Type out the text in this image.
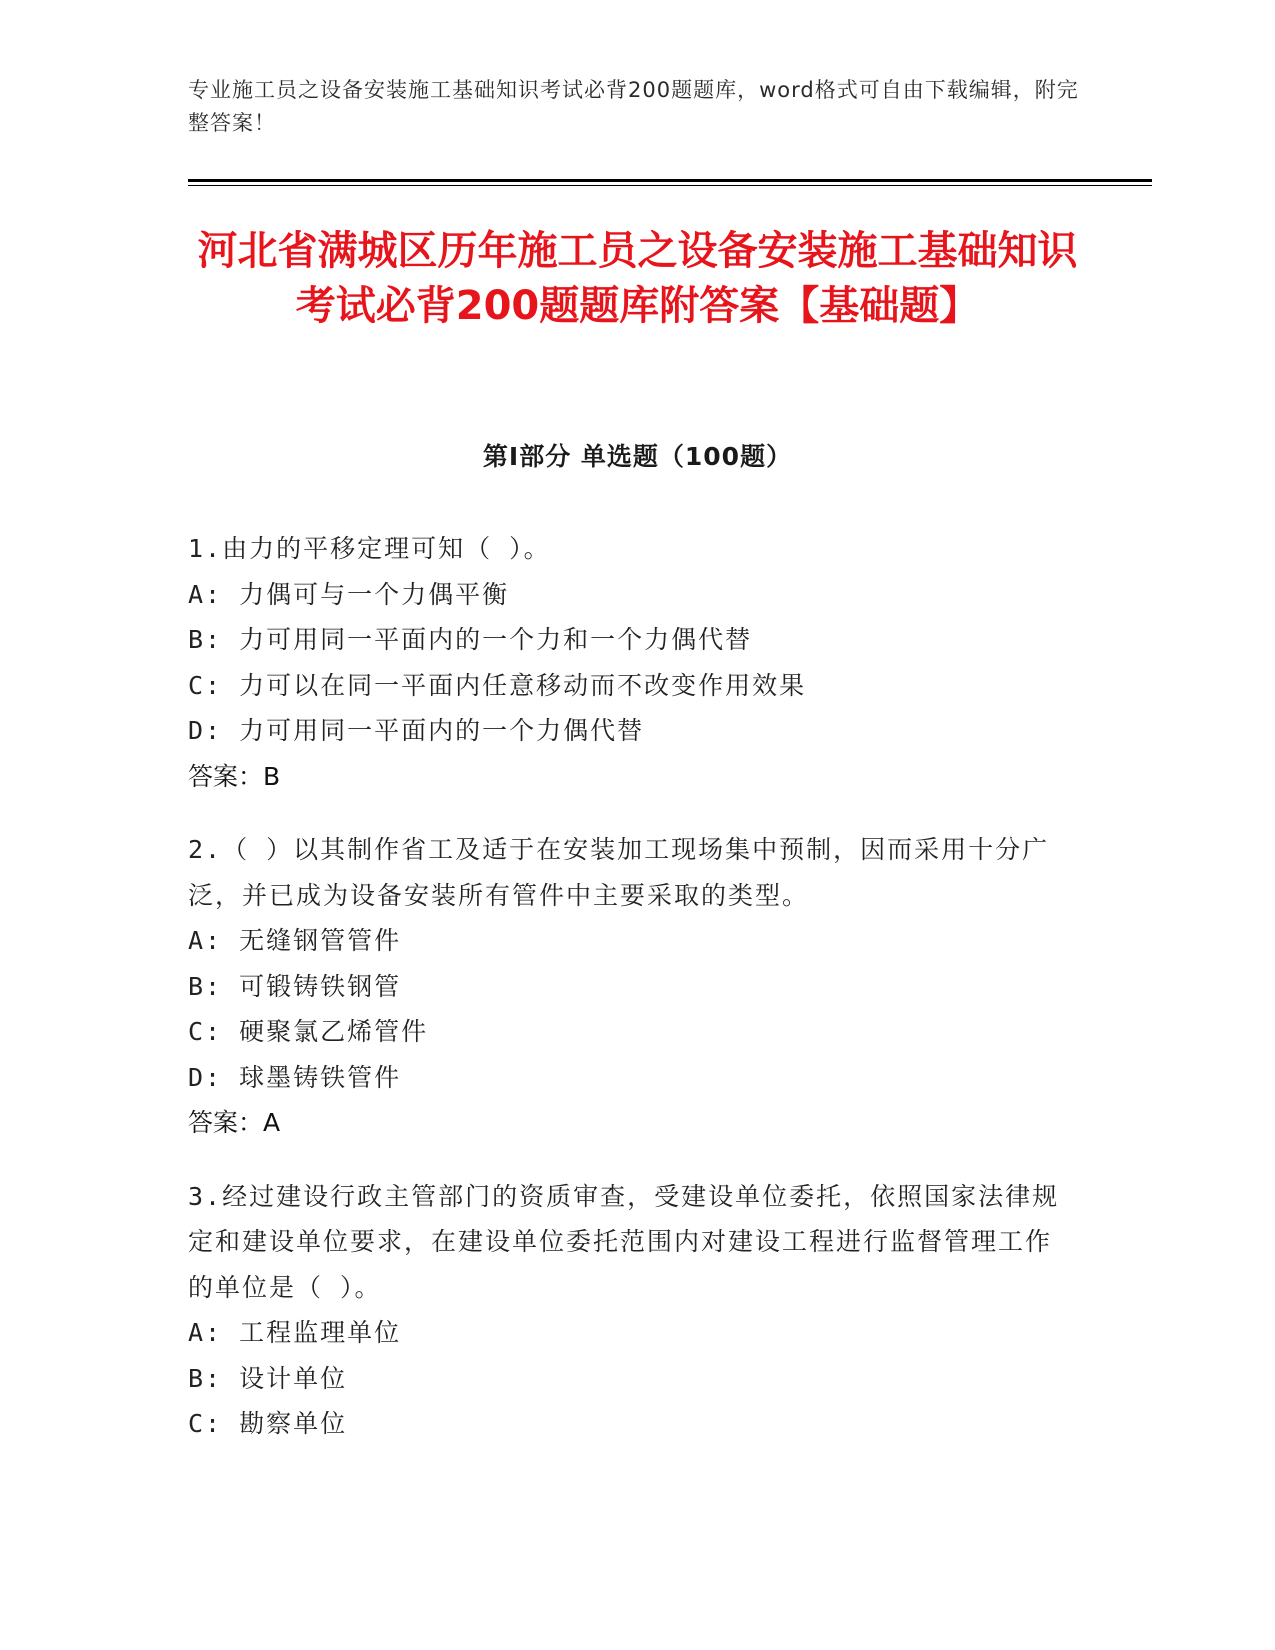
专业施工员之设备安装施工基础知识考试必背200题题库，word格式可自由下载编辑，附完整答案！
河北省满城区历年施工员之设备安装施工基础知识考试必背200题题库附答案【基础题】
第I部分 单选题（100题）
1.由力的平移定理可知（ ）。
A: 力偶可与一个力偶平衡
B: 力可用同一平面内的一个力和一个力偶代替
C: 力可以在同一平面内任意移动而不改变作用效果
D: 力可用同一平面内的一个力偶代替
答案：B
2.（ ）以其制作省工及适于在安装加工现场集中预制，因而采用十分广泛，并已成为设备安装所有管件中主要采取的类型。
A: 无缝钢管管件
B: 可锻铸铁钢管
C: 硬聚氯乙烯管件
D: 球墨铸铁管件
答案：A
3.经过建设行政主管部门的资质审查，受建设单位委托，依照国家法律规定和建设单位要求，在建设单位委托范围内对建设工程进行监督管理工作的单位是（ ）。
A: 工程监理单位
B: 设计单位
C: 勘察单位
